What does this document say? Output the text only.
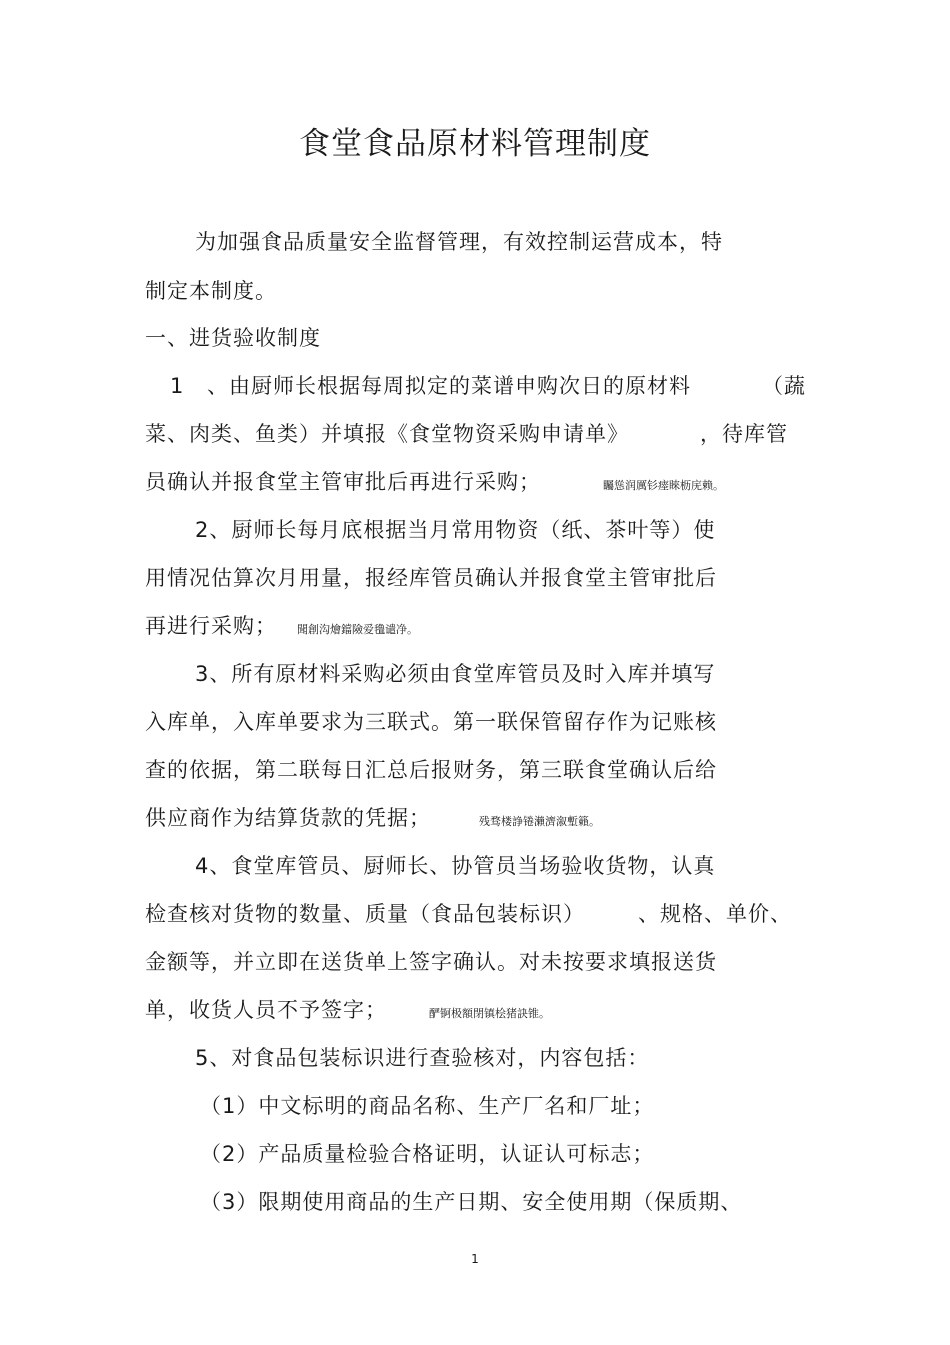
食堂食品原材料管理制度
为加强食品质量安全监督管理，有效控制运营成本，特
制定本制度。
一、进货验收制度
1 、由厨师长根据每周拟定的菜谱申购次日的原材料	（蔬
菜、肉类、鱼类）并填报《食堂物资采购申请单》	，待库管
员确认并报食堂主管审批后再进行采购；	矚慫润厲钐瘗睞枥庑赖。
2、厨师长每月底根据当月常用物资（纸、茶叶等）使
用情况估算次月用量，报经库管员确认并报食堂主管审批后
再进行采购； 聞創沟燴鐺險爱氇谴净。
3、所有原材料采购必须由食堂库管员及时入库并填写
入库单，入库单要求为三联式。第一联保管留存作为记账核
查的依据，第二联每日汇总后报财务，第三联食堂确认后给
供应商作为结算货款的凭据；	残骛楼諍锩瀨濟溆塹籟。
4、食堂库管员、厨师长、协管员当场验收货物，认真
检查核对货物的数量、质量（食品包装标识）	、规格、单价、
金额等，并立即在送货单上签字确认。对未按要求填报送货
单，收货人员不予签字；	酽锕极額閉镇桧猪訣锥。
5、对食品包装标识进行查验核对，内容包括：
（1）中文标明的商品名称、生产厂名和厂址；
（2）产品质量检验合格证明，认证认可标志；
（3）限期使用商品的生产日期、安全使用期（保质期、
1
